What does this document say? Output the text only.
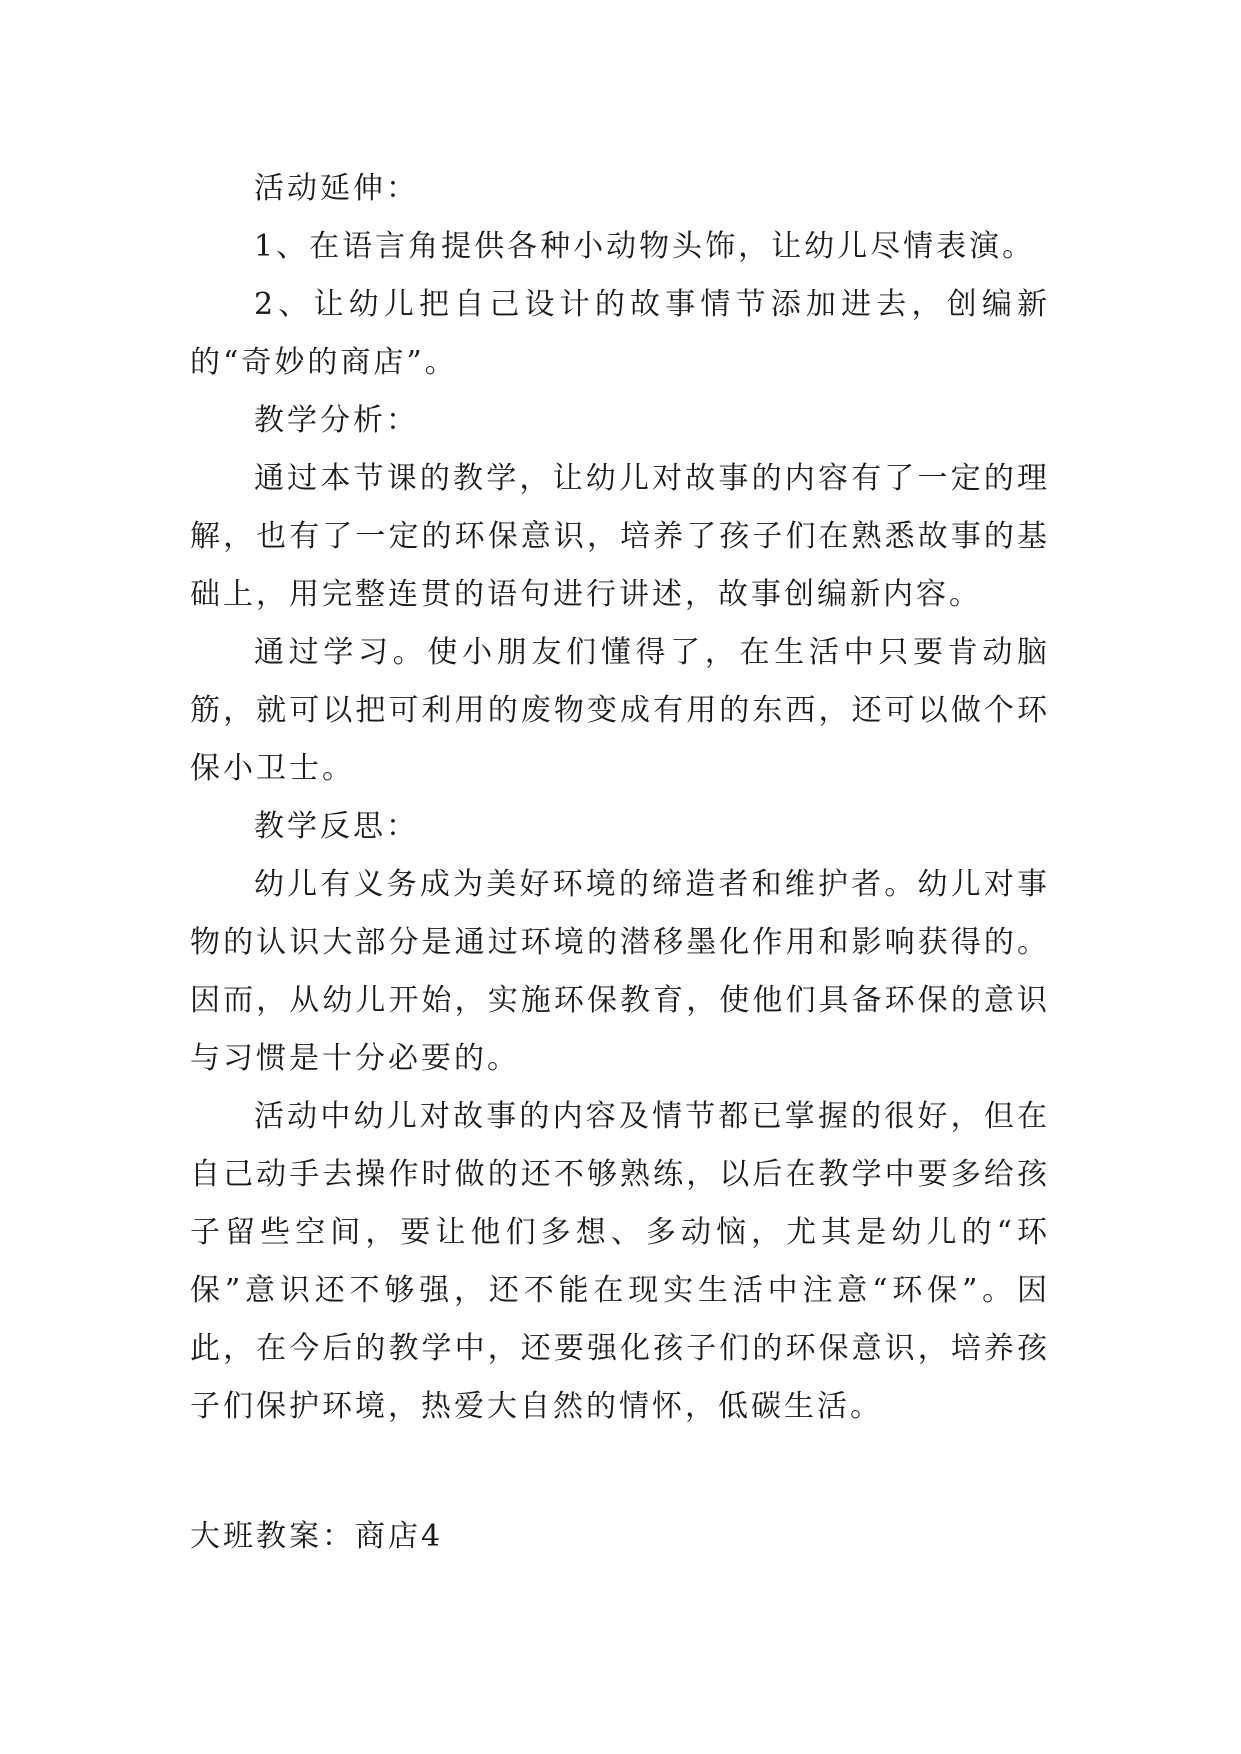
活动延伸：

1、在语言角提供各种小动物头饰，让幼儿尽情表演。

2、让幼儿把自己设计的故事情节添加进去，创编新的“奇妙的商店”。

教学分析：

通过本节课的教学，让幼儿对故事的内容有了一定的理解，也有了一定的环保意识，培养了孩子们在熟悉故事的基础上，用完整连贯的语句进行讲述，故事创编新内容。

通过学习。使小朋友们懂得了，在生活中只要肯动脑筋，就可以把可利用的废物变成有用的东西，还可以做个环保小卫士。

教学反思：

幼儿有义务成为美好环境的缔造者和维护者。幼儿对事物的认识大部分是通过环境的潜移墨化作用和影响获得的。因而，从幼儿开始，实施环保教育，使他们具备环保的意识与习惯是十分必要的。

活动中幼儿对故事的内容及情节都已掌握的很好，但在自己动手去操作时做的还不够熟练，以后在教学中要多给孩子留些空间，要让他们多想、多动恼，尤其是幼儿的“环保”意识还不够强，还不能在现实生活中注意“环保”。因此，在今后的教学中，还要强化孩子们的环保意识，培养孩子们保护环境，热爱大自然的情怀，低碳生活。

大班教案：商店4
